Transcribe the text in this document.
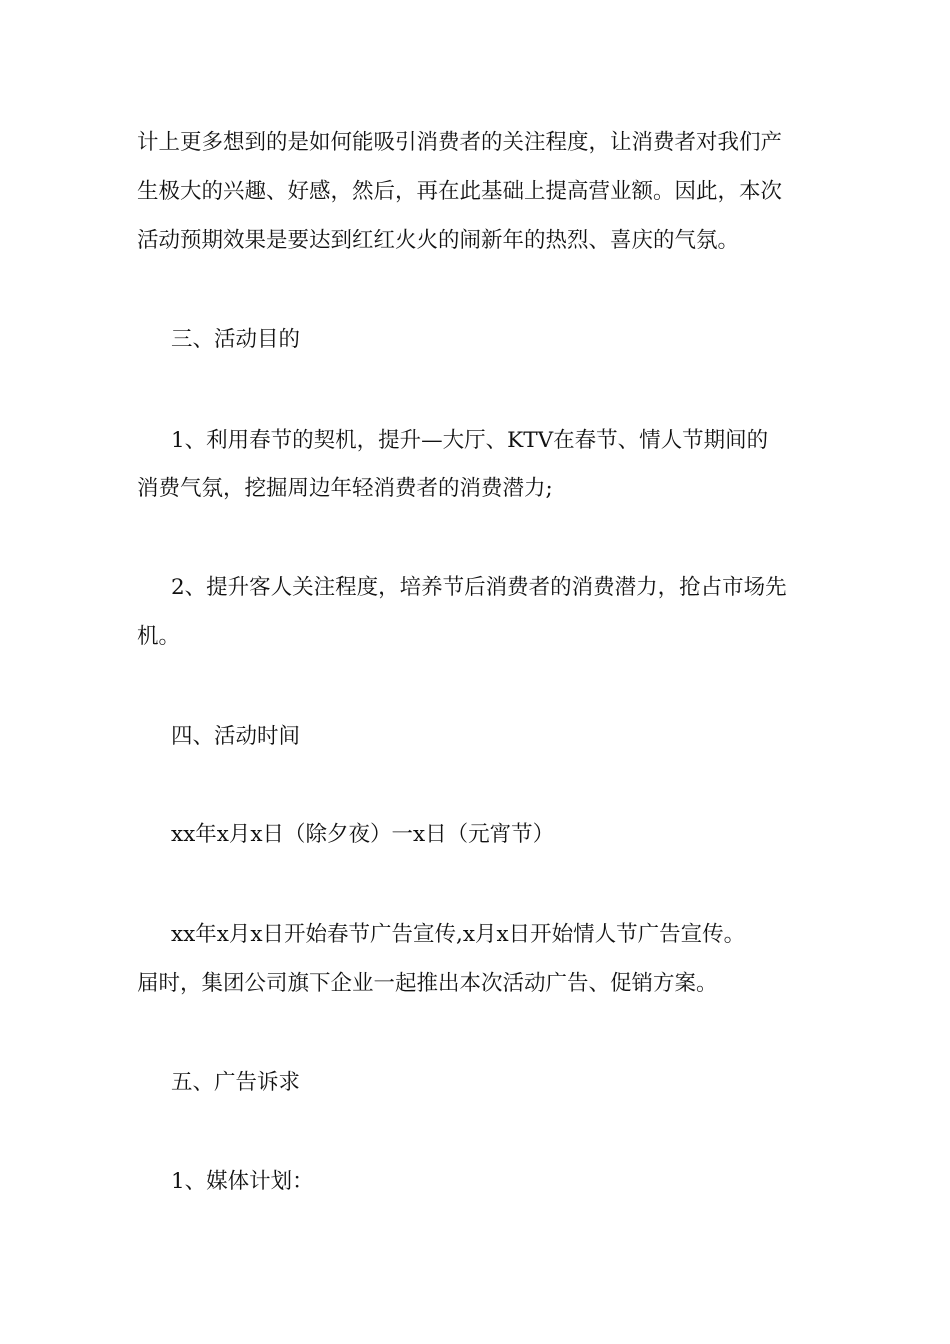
计上更多想到的是如何能吸引消费者的关注程度，让消费者对我们产
生极大的兴趣、好感，然后，再在此基础上提高营业额。因此，本次
活动预期效果是要达到红红火火的闹新年的热烈、喜庆的气氛。
三、活动目的
1、利用春节的契机，提升—大厅、KTV在春节、情人节期间的
消费气氛，挖掘周边年轻消费者的消费潜力;
2、提升客人关注程度，培养节后消费者的消费潜力，抢占市场先
机。
四、活动时间
xx年x月x日（除夕夜）一x日（元宵节）
xx年x月x日开始春节广告宣传,x月x日开始情人节广告宣传。
届时，集团公司旗下企业一起推出本次活动广告、促销方案。
五、广告诉求
1、媒体计划：
